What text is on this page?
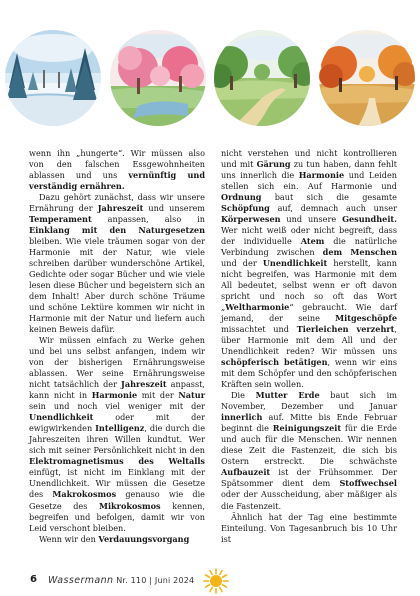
wenn ihn „hungerte“. Wir müssen also von den falschen Essgewohnheiten ablassen und uns vernünftig und verständig ernähren.

Dazu gehört zunächst, dass wir unsere Ernährung der Jahreszeit und unserem Temperament anpassen, also in Einklang mit den Naturgesetzen bleiben. Wie viele träumen sogar von der Harmonie mit der Natur, wie viele schreiben darüber wunderschöne Artikel, Gedichte oder sogar Bücher und wie viele lesen diese Bücher und begeistern sich an dem Inhalt! Aber durch schöne Träume und schöne Lektüre kommen wir nicht in Harmonie mit der Natur und liefern auch keinen Beweis dafür.

Wir müssen einfach zu Werke gehen und bei uns selbst anfangen, indem wir von der bisherigen Ernährungsweise ablassen. Wer seine Ernährungsweise nicht tatsächlich der Jahreszeit anpasst, kann nicht in Harmonie mit der Natur sein und noch viel weniger mit der Unendlichkeit oder mit der ewigwirkenden Intelligenz, die durch die Jahreszeiten ihren Willen kundtut. Wer sich mit seiner Persönlichkeit nicht in den Elektromagnetismus des Weltalls einfügt, ist nicht im Einklang mit der Unendlichkeit. Wir müssen die Gesetze des Makrokosmos genauso wie die Gesetze des Mikrokosmos kennen, begreifen und befolgen, damit wir von Leid verschont bleiben.

Wenn wir den Verdauungsvorgang

nicht verstehen und nicht kontrollieren und mit Gärung zu tun haben, dann fehlt uns innerlich die Harmonie und Leiden stellen sich ein. Auf Harmonie und Ordnung baut sich die gesamte Schöpfung auf, demnach auch unser Körperwesen und unsere Gesundheit. Wer nicht weiß oder nicht begreift, dass der individuelle Atem die natürliche Verbindung zwischen dem Menschen und der Unendlichkeit herstellt, kann nicht begreifen, was Harmonie mit dem All bedeutet, selbst wenn er oft davon spricht und noch so oft das Wort „Weltharmonie“ gebraucht. Wie darf jemand, der seine Mitgeschöpfe missachtet und Tierleichen verzehrt, über Harmonie mit dem All und der Unendlichkeit reden? Wir müssen uns schöpferisch betätigen, wenn wir eins mit dem Schöpfer und den schöpferischen Kräften sein wollen.

Die Mutter Erde baut sich im November, Dezember und Januar innerlich auf. Mitte bis Ende Februar beginnt die Reinigungszeit für die Erde und auch für die Menschen. Wir nennen diese Zeit die Fastenzeit, die sich bis Ostern erstreckt. Die schwächste Aufbauzeit ist der Frühsommer. Der Spätsommer dient dem Stoffwechsel oder der Ausscheidung, aber mäßiger als die Fastenzeit.

Ähnlich hat der Tag eine bestimmte Einteilung. Von Tagesanbruch bis 10 Uhr ist

6 Wassermann Nr. 110 | Juni 2024
